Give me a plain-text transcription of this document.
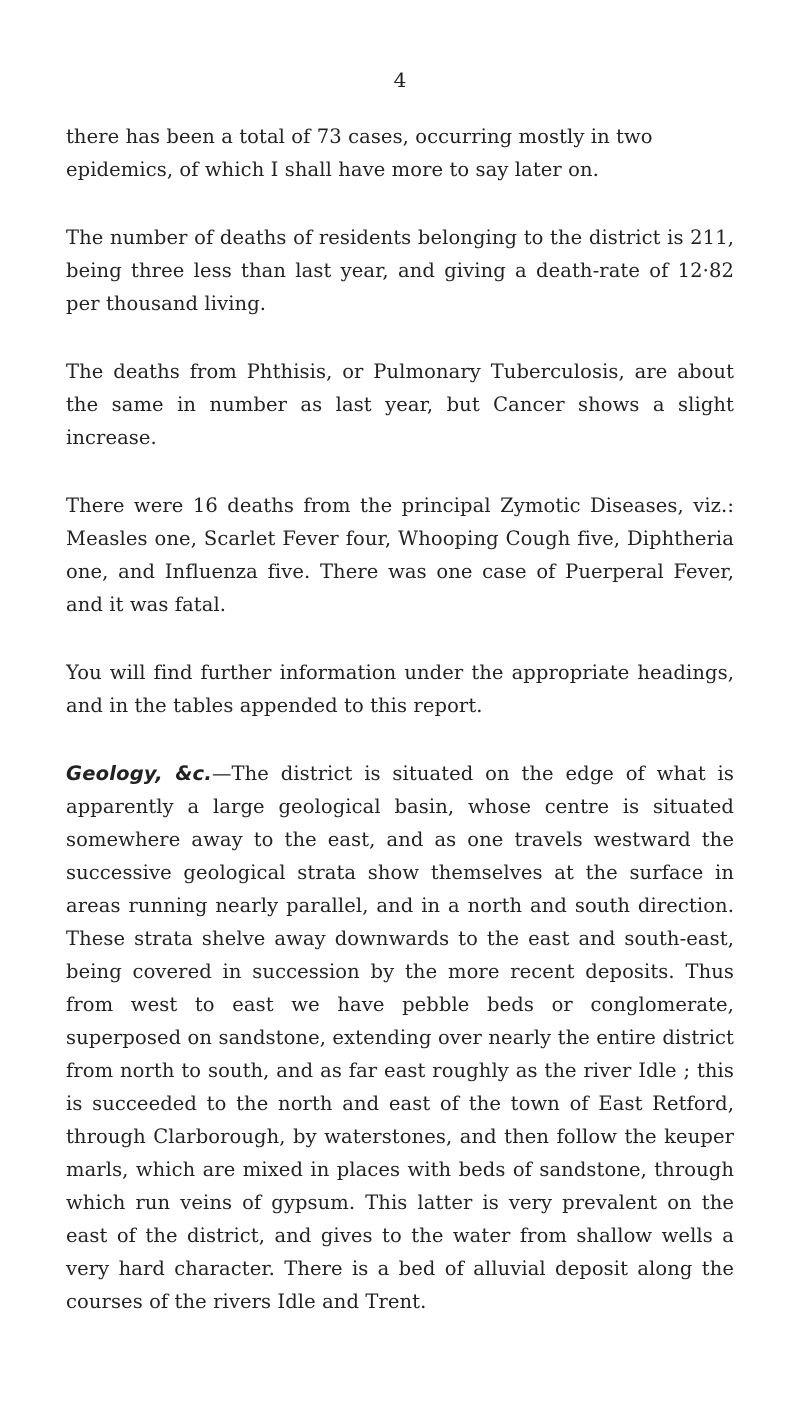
4

there has been a total of 73 cases, occurring mostly in two epidemics, of which I shall have more to say later on.

The number of deaths of residents belonging to the district is 211, being three less than last year, and giving a death-rate of 12·82 per thousand living.

The deaths from Phthisis, or Pulmonary Tuberculosis, are about the same in number as last year, but Cancer shows a slight increase.

There were 16 deaths from the principal Zymotic Diseases, viz.: Measles one, Scarlet Fever four, Whooping Cough five, Diphtheria one, and Influenza five. There was one case of Puerperal Fever, and it was fatal.

You will find further information under the appropriate headings, and in the tables appended to this report.

Geology, &c.—The district is situated on the edge of what is apparently a large geological basin, whose centre is situated somewhere away to the east, and as one travels westward the successive geological strata show themselves at the surface in areas running nearly parallel, and in a north and south direction. These strata shelve away downwards to the east and south-east, being covered in succession by the more recent deposits. Thus from west to east we have pebble beds or conglomerate, superposed on sandstone, extending over nearly the entire district from north to south, and as far east roughly as the river Idle ; this is succeeded to the north and east of the town of East Retford, through Clarborough, by waterstones, and then follow the keuper marls, which are mixed in places with beds of sandstone, through which run veins of gypsum. This latter is very prevalent on the east of the district, and gives to the water from shallow wells a very hard character. There is a bed of alluvial deposit along the courses of the rivers Idle and Trent.
